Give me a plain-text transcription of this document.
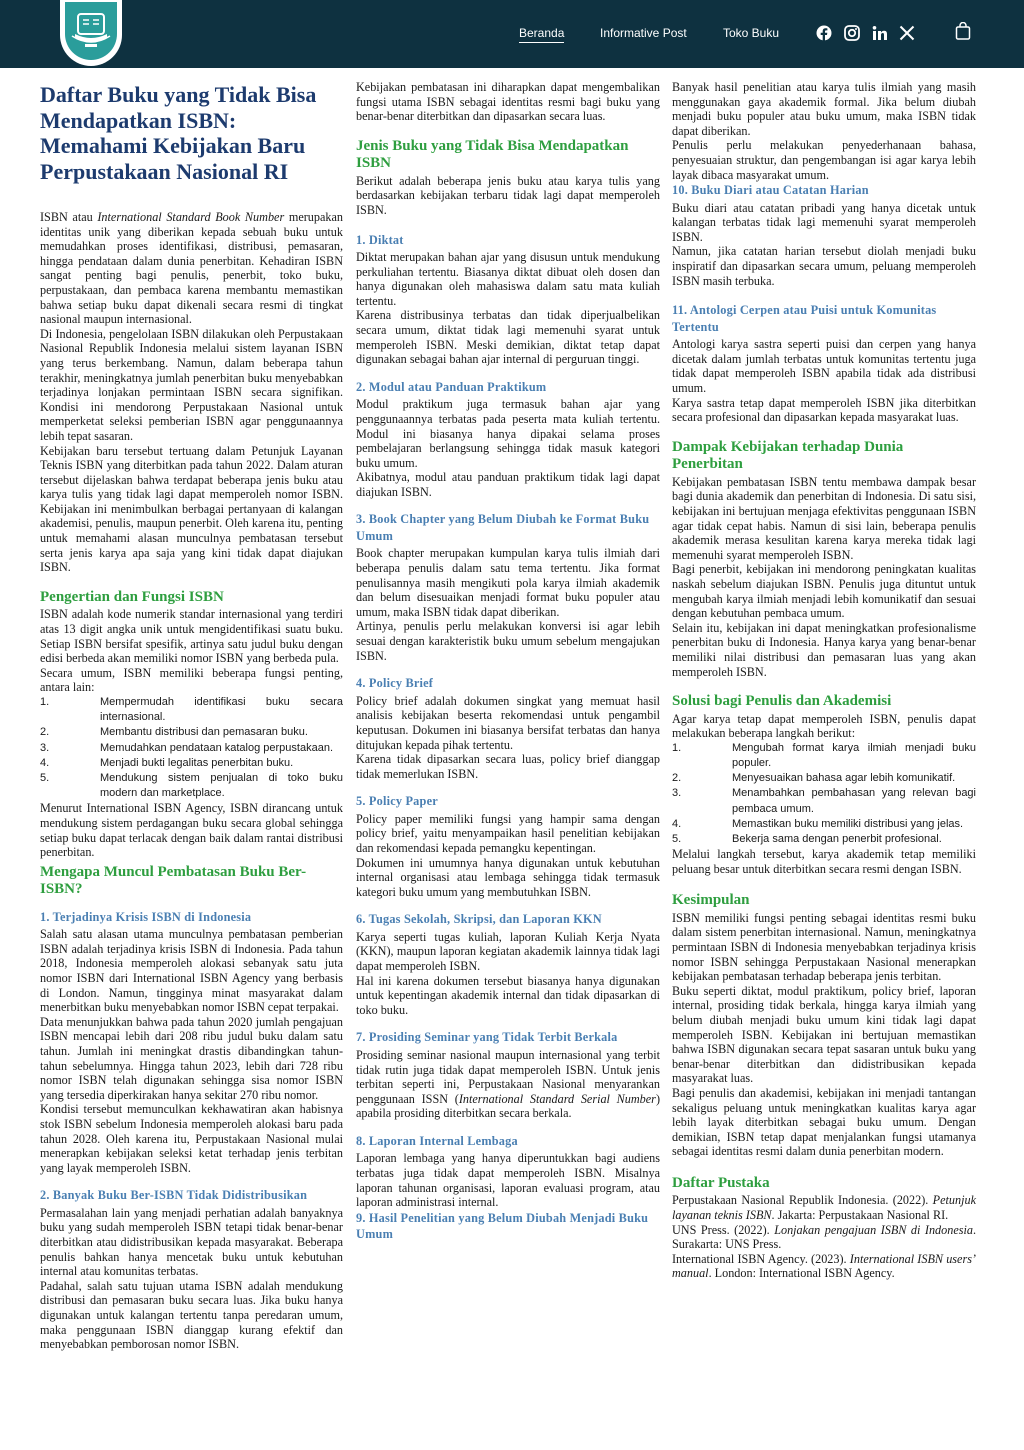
Beranda	Informative Post	Toko Buku
Daftar Buku yang Tidak Bisa Mendapatkan ISBN: Memahami Kebijakan Baru Perpustakaan Nasional RI

ISBN atau International Standard Book Number merupakan identitas unik yang diberikan kepada sebuah buku untuk memudahkan proses identifikasi, distribusi, pemasaran, hingga pendataan dalam dunia penerbitan. Kehadiran ISBN sangat penting bagi penulis, penerbit, toko buku, perpustakaan, dan pembaca karena membantu memastikan bahwa setiap buku dapat dikenali secara resmi di tingkat nasional maupun internasional.

Di Indonesia, pengelolaan ISBN dilakukan oleh Perpustakaan Nasional Republik Indonesia melalui sistem layanan ISBN yang terus berkembang. Namun, dalam beberapa tahun terakhir, meningkatnya jumlah penerbitan buku menyebabkan terjadinya lonjakan permintaan ISBN secara signifikan. Kondisi ini mendorong Perpustakaan Nasional untuk memperketat seleksi pemberian ISBN agar penggunaannya lebih tepat sasaran.

Kebijakan baru tersebut tertuang dalam Petunjuk Layanan Teknis ISBN yang diterbitkan pada tahun 2022. Dalam aturan tersebut dijelaskan bahwa terdapat beberapa jenis buku atau karya tulis yang tidak lagi dapat memperoleh nomor ISBN. Kebijakan ini menimbulkan berbagai pertanyaan di kalangan akademisi, penulis, maupun penerbit. Oleh karena itu, penting untuk memahami alasan munculnya pembatasan tersebut serta jenis karya apa saja yang kini tidak dapat diajukan ISBN.

Pengertian dan Fungsi ISBN

ISBN adalah kode numerik standar internasional yang terdiri atas 13 digit angka unik untuk mengidentifikasi suatu buku. Setiap ISBN bersifat spesifik, artinya satu judul buku dengan edisi berbeda akan memiliki nomor ISBN yang berbeda pula.

Secara umum, ISBN memiliki beberapa fungsi penting, antara lain:

1.	Mempermudah identifikasi buku secara internasional.
2.	Membantu distribusi dan pemasaran buku.
3.	Memudahkan pendataan katalog perpustakaan.
4.	Menjadi bukti legalitas penerbitan buku.
5.	Mendukung sistem penjualan di toko buku modern dan marketplace.

Menurut International ISBN Agency, ISBN dirancang untuk mendukung sistem perdagangan buku secara global sehingga setiap buku dapat terlacak dengan baik dalam rantai distribusi penerbitan.

Mengapa Muncul Pembatasan Buku Ber-ISBN?
1. Terjadinya Krisis ISBN di Indonesia

Salah satu alasan utama munculnya pembatasan pemberian ISBN adalah terjadinya krisis ISBN di Indonesia. Pada tahun 2018, Indonesia memperoleh alokasi sebanyak satu juta nomor ISBN dari International ISBN Agency yang berbasis di London. Namun, tingginya minat masyarakat dalam menerbitkan buku menyebabkan nomor ISBN cepat terpakai.

Data menunjukkan bahwa pada tahun 2020 jumlah pengajuan ISBN mencapai lebih dari 208 ribu judul buku dalam satu tahun. Jumlah ini meningkat drastis dibandingkan tahun-tahun sebelumnya. Hingga tahun 2023, lebih dari 728 ribu nomor ISBN telah digunakan sehingga sisa nomor ISBN yang tersedia diperkirakan hanya sekitar 270 ribu nomor.

Kondisi tersebut memunculkan kekhawatiran akan habisnya stok ISBN sebelum Indonesia memperoleh alokasi baru pada tahun 2028. Oleh karena itu, Perpustakaan Nasional mulai menerapkan kebijakan seleksi ketat terhadap jenis terbitan yang layak memperoleh ISBN.

2. Banyak Buku Ber-ISBN Tidak Didistribusikan

Permasalahan lain yang menjadi perhatian adalah banyaknya buku yang sudah memperoleh ISBN tetapi tidak benar-benar diterbitkan atau didistribusikan kepada masyarakat. Beberapa penulis bahkan hanya mencetak buku untuk kebutuhan internal atau komunitas terbatas.

Padahal, salah satu tujuan utama ISBN adalah mendukung distribusi dan pemasaran buku secara luas. Jika buku hanya digunakan untuk kalangan tertentu tanpa peredaran umum, maka penggunaan ISBN dianggap kurang efektif dan menyebabkan pemborosan nomor ISBN.

Kebijakan pembatasan ini diharapkan dapat mengembalikan fungsi utama ISBN sebagai identitas resmi bagi buku yang benar-benar diterbitkan dan dipasarkan secara luas.

Jenis Buku yang Tidak Bisa Mendapatkan ISBN

Berikut adalah beberapa jenis buku atau karya tulis yang berdasarkan kebijakan terbaru tidak lagi dapat memperoleh ISBN.

1. Diktat

Diktat merupakan bahan ajar yang disusun untuk mendukung perkuliahan tertentu. Biasanya diktat dibuat oleh dosen dan hanya digunakan oleh mahasiswa dalam satu mata kuliah tertentu.

Karena distribusinya terbatas dan tidak diperjualbelikan secara umum, diktat tidak lagi memenuhi syarat untuk memperoleh ISBN. Meski demikian, diktat tetap dapat digunakan sebagai bahan ajar internal di perguruan tinggi.

2. Modul atau Panduan Praktikum

Modul praktikum juga termasuk bahan ajar yang penggunaannya terbatas pada peserta mata kuliah tertentu. Modul ini biasanya hanya dipakai selama proses pembelajaran berlangsung sehingga tidak masuk kategori buku umum.

Akibatnya, modul atau panduan praktikum tidak lagi dapat diajukan ISBN.

3. Book Chapter yang Belum Diubah ke Format Buku Umum

Book chapter merupakan kumpulan karya tulis ilmiah dari beberapa penulis dalam satu tema tertentu. Jika format penulisannya masih mengikuti pola karya ilmiah akademik dan belum disesuaikan menjadi format buku populer atau umum, maka ISBN tidak dapat diberikan.

Artinya, penulis perlu melakukan konversi isi agar lebih sesuai dengan karakteristik buku umum sebelum mengajukan ISBN.

4. Policy Brief

Policy brief adalah dokumen singkat yang memuat hasil analisis kebijakan beserta rekomendasi untuk pengambil keputusan. Dokumen ini biasanya bersifat terbatas dan hanya ditujukan kepada pihak tertentu.

Karena tidak dipasarkan secara luas, policy brief dianggap tidak memerlukan ISBN.

5. Policy Paper

Policy paper memiliki fungsi yang hampir sama dengan policy brief, yaitu menyampaikan hasil penelitian kebijakan dan rekomendasi kepada pemangku kepentingan.

Dokumen ini umumnya hanya digunakan untuk kebutuhan internal organisasi atau lembaga sehingga tidak termasuk kategori buku umum yang membutuhkan ISBN.

6. Tugas Sekolah, Skripsi, dan Laporan KKN

Karya seperti tugas kuliah, laporan Kuliah Kerja Nyata (KKN), maupun laporan kegiatan akademik lainnya tidak lagi dapat memperoleh ISBN.

Hal ini karena dokumen tersebut biasanya hanya digunakan untuk kepentingan akademik internal dan tidak dipasarkan di toko buku.

7. Prosiding Seminar yang Tidak Terbit Berkala

Prosiding seminar nasional maupun internasional yang terbit tidak rutin juga tidak dapat memperoleh ISBN. Untuk jenis terbitan seperti ini, Perpustakaan Nasional menyarankan penggunaan ISSN (International Standard Serial Number) apabila prosiding diterbitkan secara berkala.

8. Laporan Internal Lembaga

Laporan lembaga yang hanya diperuntukkan bagi audiens terbatas juga tidak dapat memperoleh ISBN. Misalnya laporan tahunan organisasi, laporan evaluasi program, atau laporan administrasi internal.

9. Hasil Penelitian yang Belum Diubah Menjadi Buku Umum

Banyak hasil penelitian atau karya tulis ilmiah yang masih menggunakan gaya akademik formal. Jika belum diubah menjadi buku populer atau buku umum, maka ISBN tidak dapat diberikan.

Penulis perlu melakukan penyederhanaan bahasa, penyesuaian struktur, dan pengembangan isi agar karya lebih layak dibaca masyarakat umum.

10. Buku Diari atau Catatan Harian

Buku diari atau catatan pribadi yang hanya dicetak untuk kalangan terbatas tidak lagi memenuhi syarat memperoleh ISBN.

Namun, jika catatan harian tersebut diolah menjadi buku inspiratif dan dipasarkan secara umum, peluang memperoleh ISBN masih terbuka.

11. Antologi Cerpen atau Puisi untuk Komunitas Tertentu

Antologi karya sastra seperti puisi dan cerpen yang hanya dicetak dalam jumlah terbatas untuk komunitas tertentu juga tidak dapat memperoleh ISBN apabila tidak ada distribusi umum.

Karya sastra tetap dapat memperoleh ISBN jika diterbitkan secara profesional dan dipasarkan kepada masyarakat luas.

Dampak Kebijakan terhadap Dunia Penerbitan

Kebijakan pembatasan ISBN tentu membawa dampak besar bagi dunia akademik dan penerbitan di Indonesia. Di satu sisi, kebijakan ini bertujuan menjaga efektivitas penggunaan ISBN agar tidak cepat habis. Namun di sisi lain, beberapa penulis akademik merasa kesulitan karena karya mereka tidak lagi memenuhi syarat memperoleh ISBN.

Bagi penerbit, kebijakan ini mendorong peningkatan kualitas naskah sebelum diajukan ISBN. Penulis juga dituntut untuk mengubah karya ilmiah menjadi lebih komunikatif dan sesuai dengan kebutuhan pembaca umum.

Selain itu, kebijakan ini dapat meningkatkan profesionalisme penerbitan buku di Indonesia. Hanya karya yang benar-benar memiliki nilai distribusi dan pemasaran luas yang akan memperoleh ISBN.

Solusi bagi Penulis dan Akademisi

Agar karya tetap dapat memperoleh ISBN, penulis dapat melakukan beberapa langkah berikut:

1.	Mengubah format karya ilmiah menjadi buku populer.
2.	Menyesuaikan bahasa agar lebih komunikatif.
3.	Menambahkan pembahasan yang relevan bagi pembaca umum.
4.	Memastikan buku memiliki distribusi yang jelas.
5.	Bekerja sama dengan penerbit profesional.

Melalui langkah tersebut, karya akademik tetap memiliki peluang besar untuk diterbitkan secara resmi dengan ISBN.

Kesimpulan

ISBN memiliki fungsi penting sebagai identitas resmi buku dalam sistem penerbitan internasional. Namun, meningkatnya permintaan ISBN di Indonesia menyebabkan terjadinya krisis nomor ISBN sehingga Perpustakaan Nasional menerapkan kebijakan pembatasan terhadap beberapa jenis terbitan.

Buku seperti diktat, modul praktikum, policy brief, laporan internal, prosiding tidak berkala, hingga karya ilmiah yang belum diubah menjadi buku umum kini tidak lagi dapat memperoleh ISBN. Kebijakan ini bertujuan memastikan bahwa ISBN digunakan secara tepat sasaran untuk buku yang benar-benar diterbitkan dan didistribusikan kepada masyarakat luas.

Bagi penulis dan akademisi, kebijakan ini menjadi tantangan sekaligus peluang untuk meningkatkan kualitas karya agar lebih layak diterbitkan sebagai buku umum. Dengan demikian, ISBN tetap dapat menjalankan fungsi utamanya sebagai identitas resmi dalam dunia penerbitan modern.

Daftar Pustaka

Perpustakaan Nasional Republik Indonesia. (2022). Petunjuk layanan teknis ISBN. Jakarta: Perpustakaan Nasional RI.

UNS Press. (2022). Lonjakan pengajuan ISBN di Indonesia. Surakarta: UNS Press.

International ISBN Agency. (2023). International ISBN users’ manual. London: International ISBN Agency.
